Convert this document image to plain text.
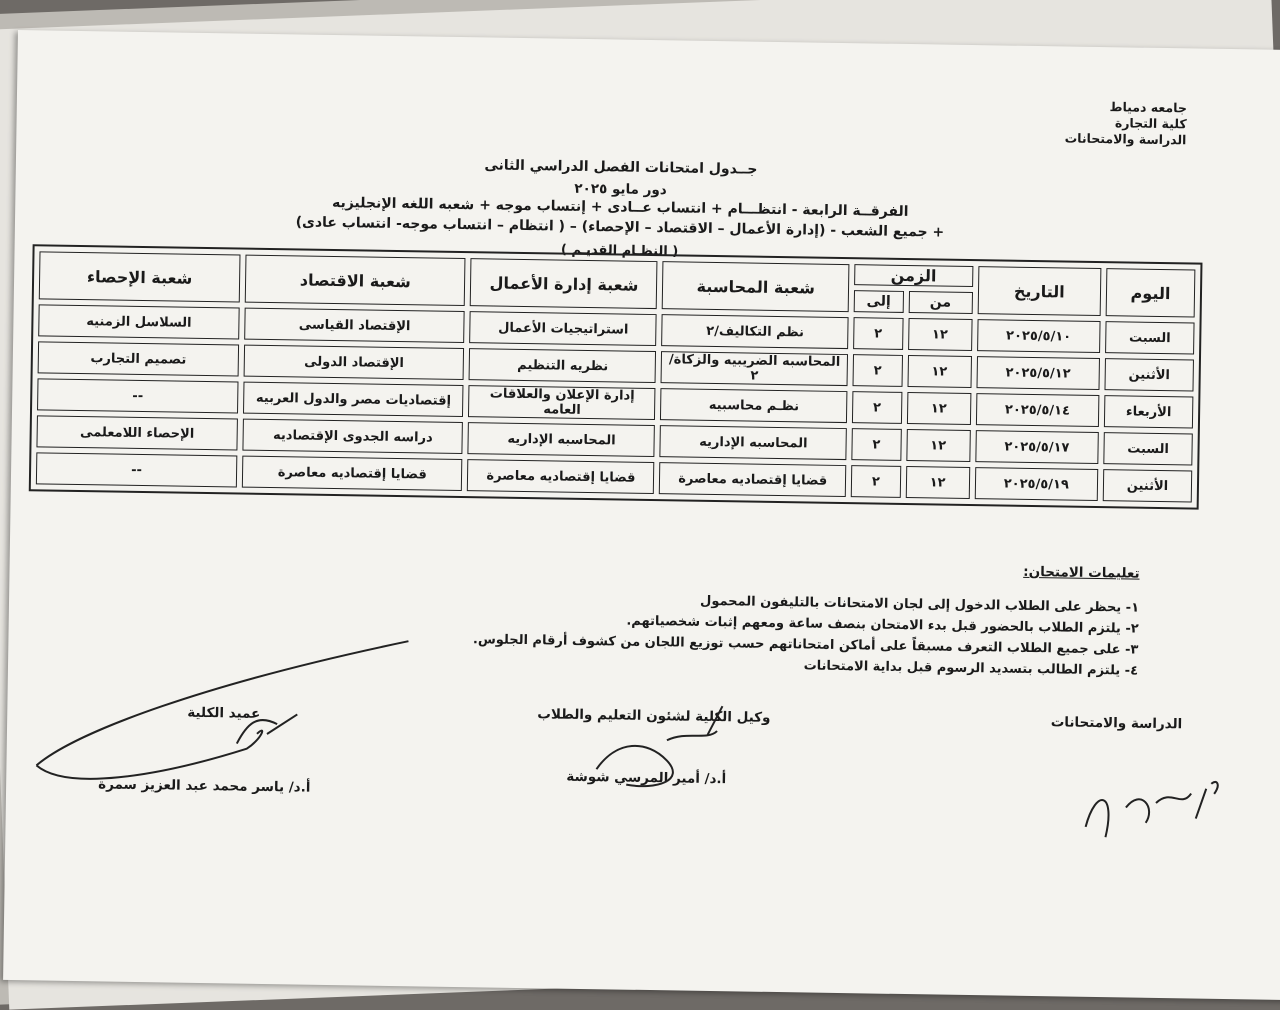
جامعه دمياط
كلية التجارة
الدراسة والامتحانات
جــدول امتحانات الفصل الدراسي الثانى
دور مايو ٢٠٢٥
الفرقــة الرابعة - انتظـــام + انتساب عــادى + إنتساب موجه + شعبه اللغه الإنجليزيه
+ جميع الشعب - (إدارة الأعمال – الاقتصاد – الإحصاء) – ( انتظام – انتساب موجه- انتساب عادى)
( النظـام القديـم )
اليوم	التاريخ	الزمن		شعبة المحاسبة	شعبة إدارة الأعمال	شعبة الاقتصاد	شعبة الإحصاء
		من	إلى				
السبت	٢٠٢٥/٥/١٠	١٢	٢	نظم التكاليف/٢	استراتيجيات الأعمال	الإقتصاد القياسى	السلاسل الزمنيه
الأثنين	٢٠٢٥/٥/١٢	١٢	٢	المحاسبه الضريبيه والزكاة/٢	نظريه التنظيم	الإقتصاد الدولى	تصميم التجارب
الأربعاء	٢٠٢٥/٥/١٤	١٢	٢	نظـم محاسبيه	إدارة الإعلان والعلاقات العامه	إقتصاديات مصر والدول العربيه	--
السبت	٢٠٢٥/٥/١٧	١٢	٢	المحاسبه الإداريه	المحاسبه الإداريه	دراسه الجدوى الإقتصاديه	الإحصاء اللامعلمى
الأثنين	٢٠٢٥/٥/١٩	١٢	٢	قضايا إقتصاديه معاصرة	قضايا إقتصاديه معاصرة	قضايا إقتصاديه معاصرة	--
تعليمات الامتحان:
١- يحظر على الطلاب الدخول إلى لجان الامتحانات بالتليفون المحمول
٢- يلتزم الطلاب بالحضور قبل بدء الامتحان بنصف ساعة ومعهم إثبات شخصياتهم.
٣- على جميع الطلاب التعرف مسبقاً على أماكن امتحاناتهم حسب توزيع اللجان من كشوف أرقام الجلوس.
٤- يلتزم الطالب بتسديد الرسوم قبل بداية الامتحانات
الدراسة والامتحانات
وكيل الكلية لشئون التعليم والطلاب
أ.د/ أمير المرسي شوشة
عميد الكلية
أ.د/ ياسر محمد عبد العزيز سمرة
